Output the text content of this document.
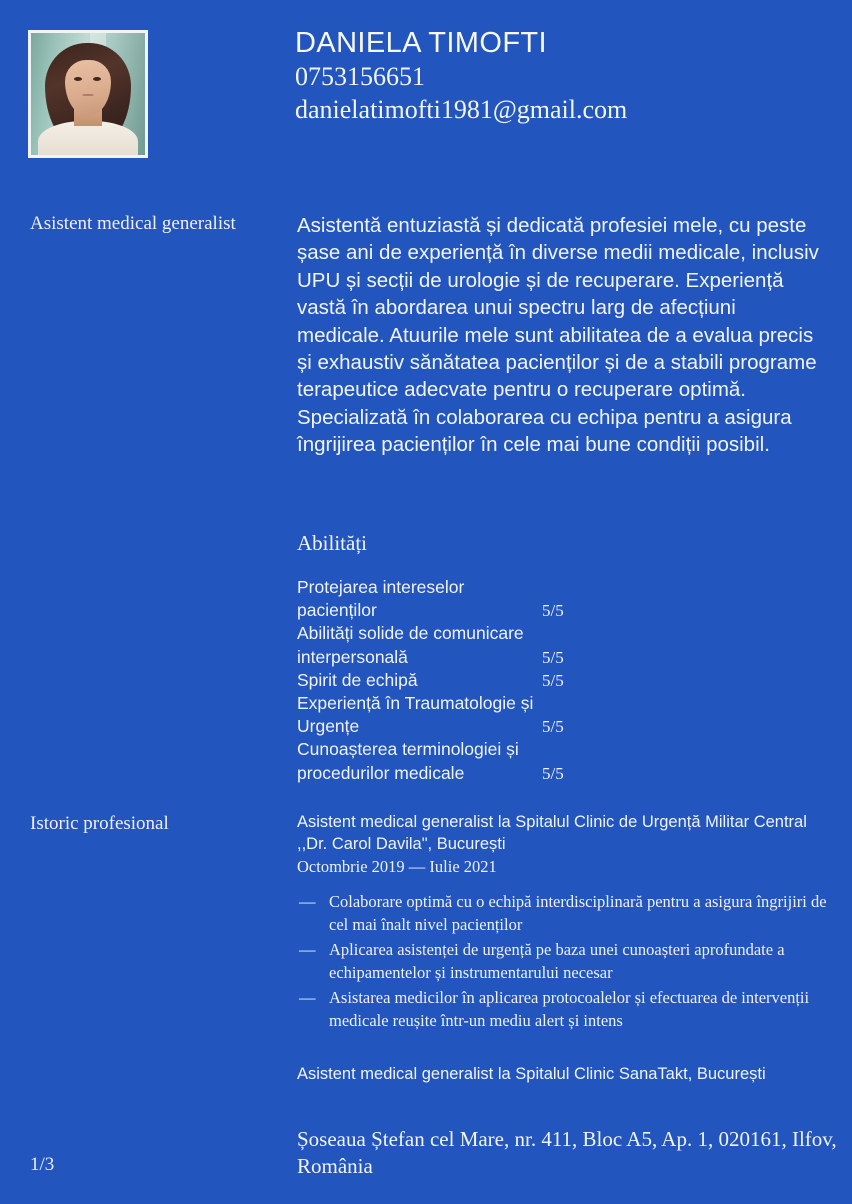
DANIELA TIMOFTI
0753156651
danielatimofti1981@gmail.com
Asistent medical generalist	Asistentă entuziastă și dedicată profesiei mele, cu peste șase ani de experiență în diverse medii medicale, inclusiv UPU și secții de urologie și de recuperare. Experiență vastă în abordarea unui spectru larg de afecțiuni medicale. Atuurile mele sunt abilitatea de a evalua precis și exhaustiv sănătatea pacienților și de a stabili programe terapeutice adecvate pentru o recuperare optimă. Specializată în colaborarea cu echipa pentru a asigura îngrijirea pacienților în cele mai bune condiții posibil.
Abilități
Protejarea intereselor pacienților	5/5
Abilități solide de comunicare interpersonală	5/5
Spirit de echipă	5/5
Experiență în Traumatologie și Urgențe	5/5
Cunoașterea terminologiei și procedurilor medicale	5/5
Istoric profesional	Asistent medical generalist la Spitalul Clinic de Urgență Militar Central ,,Dr. Carol Davila", București
Octombrie 2019 — Iulie 2021
— Colaborare optimă cu o echipă interdisciplinară pentru a asigura îngrijiri de cel mai înalt nivel pacienților
— Aplicarea asistenței de urgență pe baza unei cunoașteri aprofundate a echipamentelor și instrumentarului necesar
— Asistarea medicilor în aplicarea protocoalelor și efectuarea de intervenții medicale reușite într-un mediu alert și intens
Asistent medical generalist la Spitalul Clinic SanaTakt, București
1/3
Șoseaua Ștefan cel Mare, nr. 411, Bloc A5, Ap. 1, 020161, Ilfov, România
